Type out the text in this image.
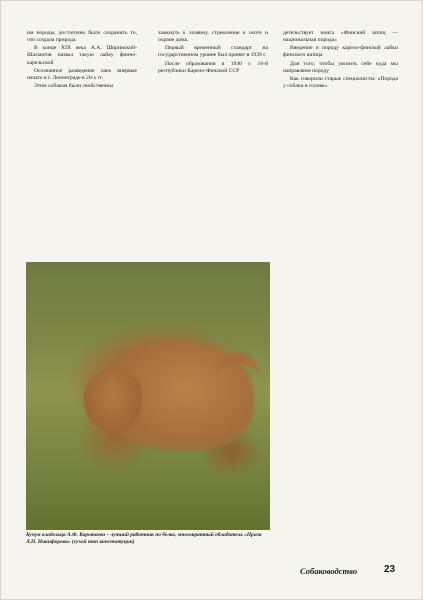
им породы, достаточно было сохранить то, что создала природа.

В конце XIX века А.А. Ширинский-Шахматов назвал такую лайку финно-карельской

Осознанное разведение лаек впервые начато в г. Ленинграде в 20-х гг.

Этим собакам были свойственны

замкнуть к хозяину, стремление к охоте и охране дома.

Первый временный стандарт на государственном уровне был принят в 1939 г.

После образования в 1940 г. 16-й республики Карело-Финской ССР

детельствует книга «Финский шпиц — национальная порода»

Введение в породу карело-финской лайки финского шпица

Для того, чтобы уяснить себе куда мы направляем породу

Как говорили старые специалисты: «Порода у собаки в голове».

Кучум владельца А.Ф. Коротаева – лучший работник по белке, многократный обладатель «Приза Л.П. Никифорова» (сухой тип конституции)
Собаководство	23
